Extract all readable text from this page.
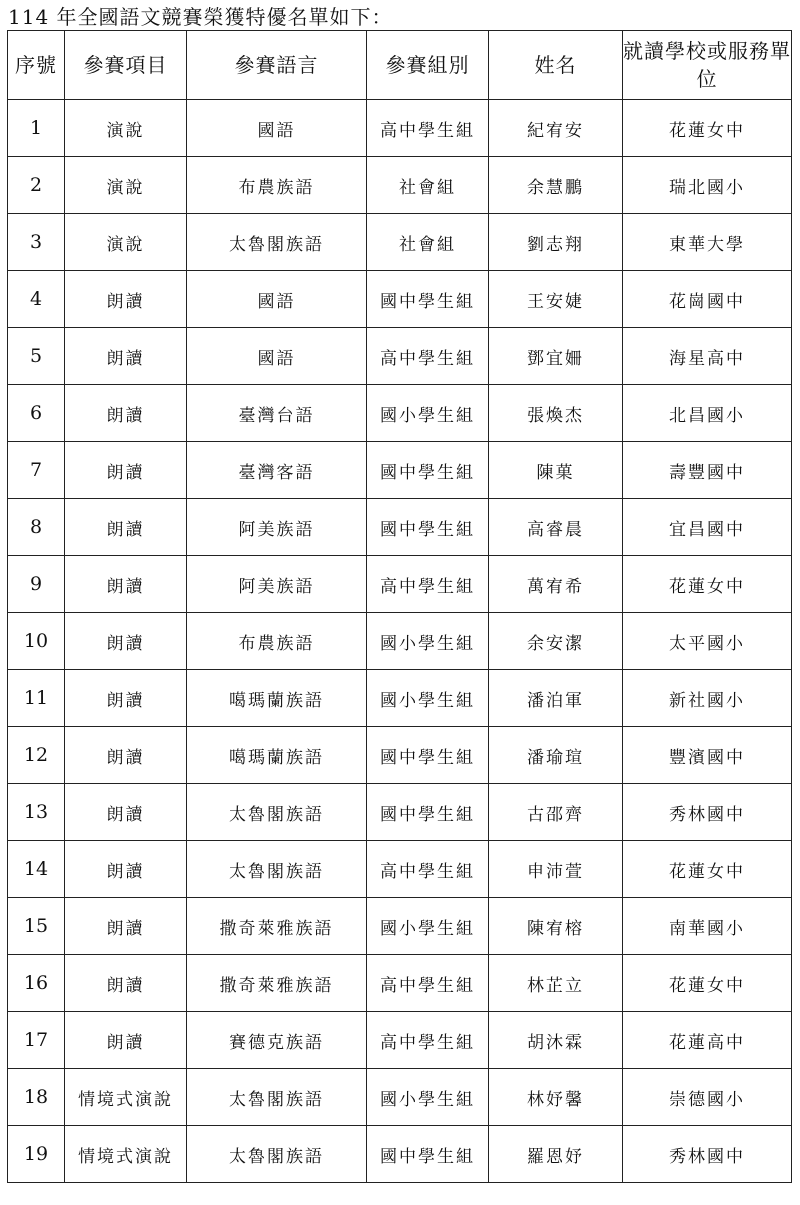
114 年全國語文競賽榮獲特優名單如下：
序號	參賽項目	參賽語言	參賽組別	姓名	就讀學校或服務單位
1	演說	國語	高中學生組	紀宥安	花蓮女中
2	演說	布農族語	社會組	余慧鵬	瑞北國小
3	演說	太魯閣族語	社會組	劉志翔	東華大學
4	朗讀	國語	國中學生組	王安婕	花崗國中
5	朗讀	國語	高中學生組	鄧宜姍	海星高中
6	朗讀	臺灣台語	國小學生組	張煥杰	北昌國小
7	朗讀	臺灣客語	國中學生組	陳菓	壽豐國中
8	朗讀	阿美族語	國中學生組	高睿晨	宜昌國中
9	朗讀	阿美族語	高中學生組	萬宥希	花蓮女中
10	朗讀	布農族語	國小學生組	余安潔	太平國小
11	朗讀	噶瑪蘭族語	國小學生組	潘泊軍	新社國小
12	朗讀	噶瑪蘭族語	國中學生組	潘瑜瑄	豐濱國中
13	朗讀	太魯閣族語	國中學生組	古邵齊	秀林國中
14	朗讀	太魯閣族語	高中學生組	申沛萱	花蓮女中
15	朗讀	撒奇萊雅族語	國小學生組	陳宥榕	南華國小
16	朗讀	撒奇萊雅族語	高中學生組	林芷立	花蓮女中
17	朗讀	賽德克族語	高中學生組	胡沐霖	花蓮高中
18	情境式演說	太魯閣族語	國小學生組	林妤馨	崇德國小
19	情境式演說	太魯閣族語	國中學生組	羅恩妤	秀林國中
